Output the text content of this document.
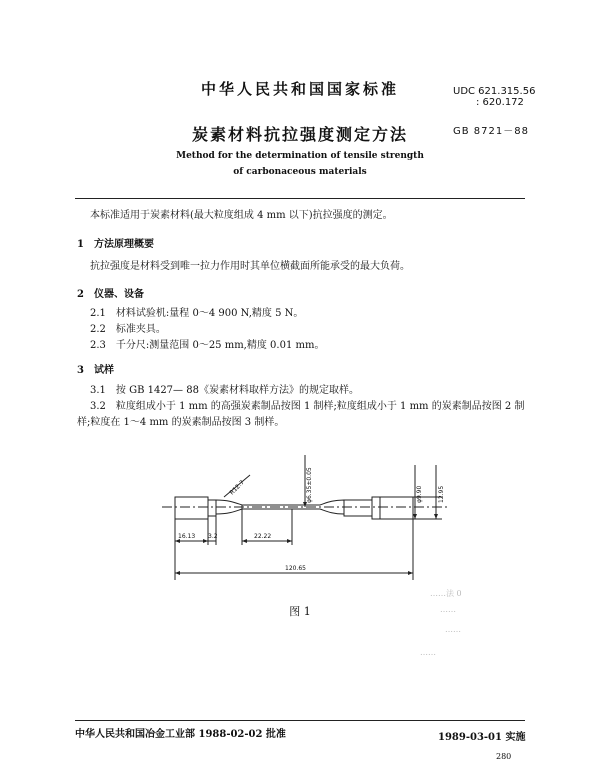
中华人民共和国国家标准	UDC 621.315.56
: 620.172
炭素材料抗拉强度测定方法	GB 8721－88
Method for the determination of tensile strength
of carbonaceous materials
本标准适用于炭素材料(最大粒度组成 4 mm 以下)抗拉强度的测定。
1　方法原理概要
抗拉强度是材料受到唯一拉力作用时其单位横截面所能承受的最大负荷。
2　仪器、设备
2.1　材料试验机:量程 0～4 900 N,精度 5 N。
2.2　标准夹具。
2.3　千分尺:测量范围 0～25 mm,精度 0.01 mm。
3　试样
3.1　按 GB 1427— 88《炭素材料取样方法》的规定取样。
3.2　粒度组成小于 1 mm 的高强炭素制品按图 1 制样;粒度组成小于 1 mm 的炭素制品按图 2 制
样;粒度在 1～4 mm 的炭素制品按图 3 制样。
16.13 3.2	22.22
120.65
R12.7	φ6.35±0.05	φ9.90	12.95
图 1
……法 0
……
……
……
中华人民共和国冶金工业部 1988-02-02 批准	1989-03-01 实施
280
